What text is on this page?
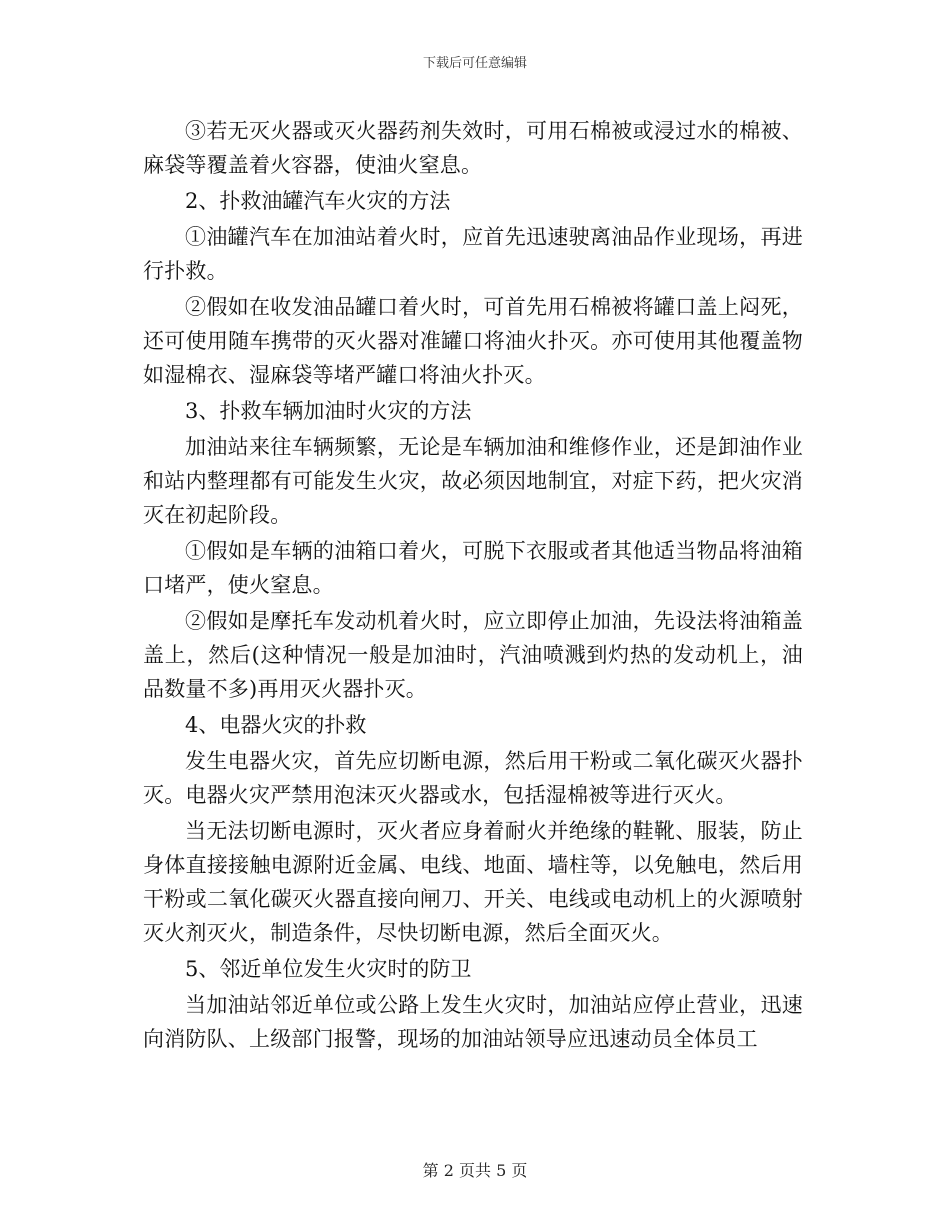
下载后可任意编辑

③若无灭火器或灭火器药剂失效时，可用石棉被或浸过水的棉被、麻袋等覆盖着火容器，使油火窒息。

2、扑救油罐汽车火灾的方法

①油罐汽车在加油站着火时，应首先迅速驶离油品作业现场，再进行扑救。

②假如在收发油品罐口着火时，可首先用石棉被将罐口盖上闷死，还可使用随车携带的灭火器对准罐口将油火扑灭。亦可使用其他覆盖物如湿棉衣、湿麻袋等堵严罐口将油火扑灭。

3、扑救车辆加油时火灾的方法

加油站来往车辆频繁，无论是车辆加油和维修作业，还是卸油作业和站内整理都有可能发生火灾，故必须因地制宜，对症下药，把火灾消灭在初起阶段。

①假如是车辆的油箱口着火，可脱下衣服或者其他适当物品将油箱口堵严，使火窒息。

②假如是摩托车发动机着火时，应立即停止加油，先设法将油箱盖盖上，然后(这种情况一般是加油时，汽油喷溅到灼热的发动机上，油品数量不多)再用灭火器扑灭。

4、电器火灾的扑救

发生电器火灾，首先应切断电源，然后用干粉或二氧化碳灭火器扑灭。电器火灾严禁用泡沫灭火器或水，包括湿棉被等进行灭火。

当无法切断电源时，灭火者应身着耐火并绝缘的鞋靴、服装，防止身体直接接触电源附近金属、电线、地面、墙柱等，以免触电，然后用干粉或二氧化碳灭火器直接向闸刀、开关、电线或电动机上的火源喷射灭火剂灭火，制造条件，尽快切断电源，然后全面灭火。

5、邻近单位发生火灾时的防卫

当加油站邻近单位或公路上发生火灾时，加油站应停止营业，迅速向消防队、上级部门报警，现场的加油站领导应迅速动员全体员工

第 2 页共 5 页
